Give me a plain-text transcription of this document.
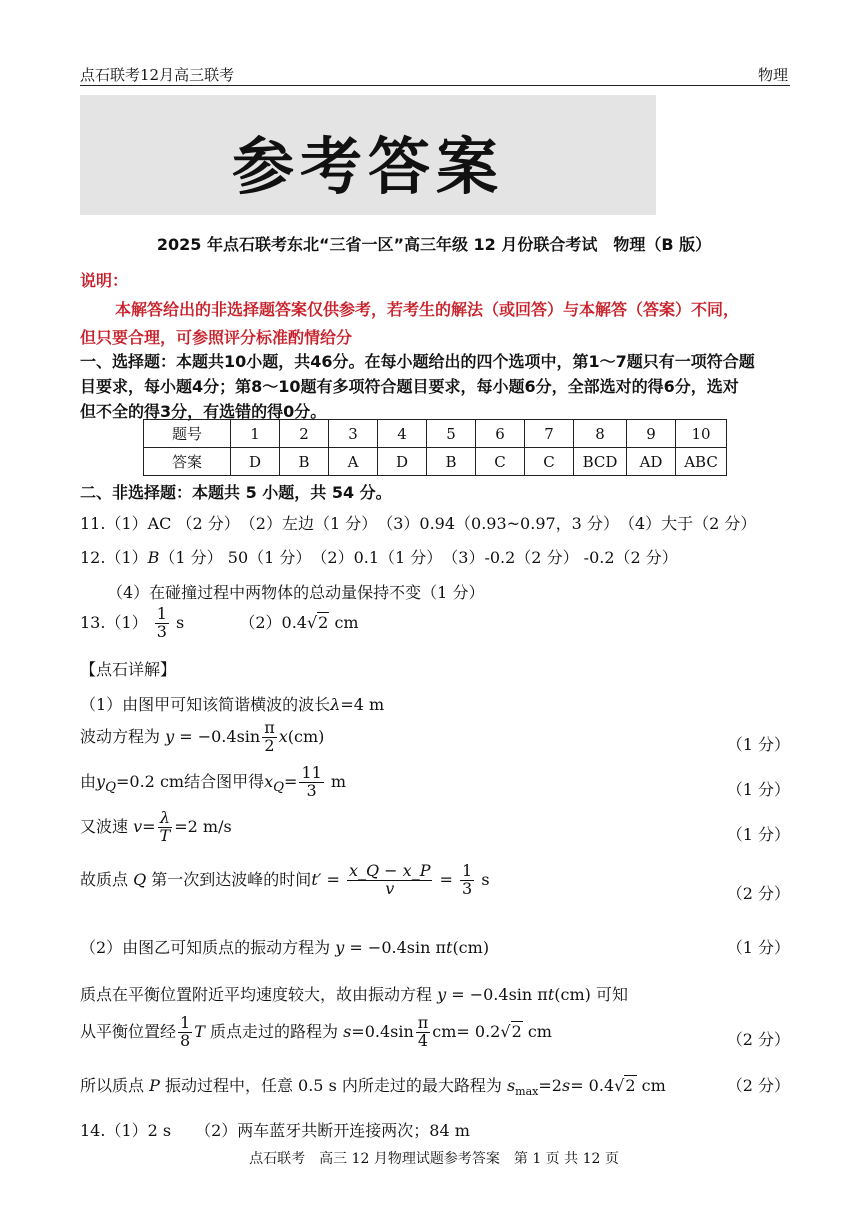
点石联考12月高三联考	物理
参考答案
2025 年点石联考东北“三省一区”高三年级 12 月份联合考试　物理（B 版）
说明：
本解答给出的非选择题答案仅供参考，若考生的解法（或回答）与本解答（答案）不同，
但只要合理，可参照评分标准酌情给分
一、选择题：本题共10小题，共46分。在每小题给出的四个选项中，第1～7题只有一项符合题
目要求，每小题4分；第8～10题有多项符合题目要求，每小题6分，全部选对的得6分，选对
但不全的得3分，有选错的得0分。
题号	1	2	3	4	5	6	7	8	9	10
答案	D	B	A	D	B	C	C	BCD	AD	ABC
二、非选择题：本题共 5 小题，共 54 分。
11.（1）AC （2 分）　（2）左边（1 分）　（3）0.94（0.93~0.97，3 分）　（4）大于（2 分）
12.（1）B（1 分） 50（1 分）　（2）0.1（1 分）　（3）-0.2（2 分） -0.2（2 分）
（4）在碰撞过程中两物体的总动量保持不变（1 分）
$13.(1) \frac{1}{3}$ s	（2）0.4√2 cm
【点石详解】
（1）由图甲可知该简谐横波的波长λ=4 m
波动方程为 $y = -0.4\sin \frac{\pi}{2} x(cm)$	（1 分）
由$y_Q=0.2$ cm结合图甲得$x_Q= \frac{11}{3}$ m	（1 分）
又波速 $v= \frac{\lambda}{T} =2$ m/s	（1 分）
故质点 Q 第一次到达波峰的时间$t' = \frac{x\_Q - x\_P}{v} = \frac{1}{3}$ s
（2 分）
（2）由图乙可知质点的振动方程为 y = −0.4sin πt(cm)	（1 分）
质点在平衡位置附近平均速度较大，故由振动方程 y = −0.4sin πt(cm) 可知
从平衡位置经 $\frac{1}{8}$ T 质点走过的路程为 $s=0.4\sin \frac{\pi}{4} cm= 0.2√2$ cm	（2 分）
所以质点 P 振动过程中，任意 0.5 s 内所走过的最大路程为 $s_{max}=2s= 0.4√2$ cm	（2 分）
14.（1）2 s　　（2）两车蓝牙共断开连接两次；84 m
点石联考　高三 12 月物理试题参考答案　第 1 页 共 12 页
